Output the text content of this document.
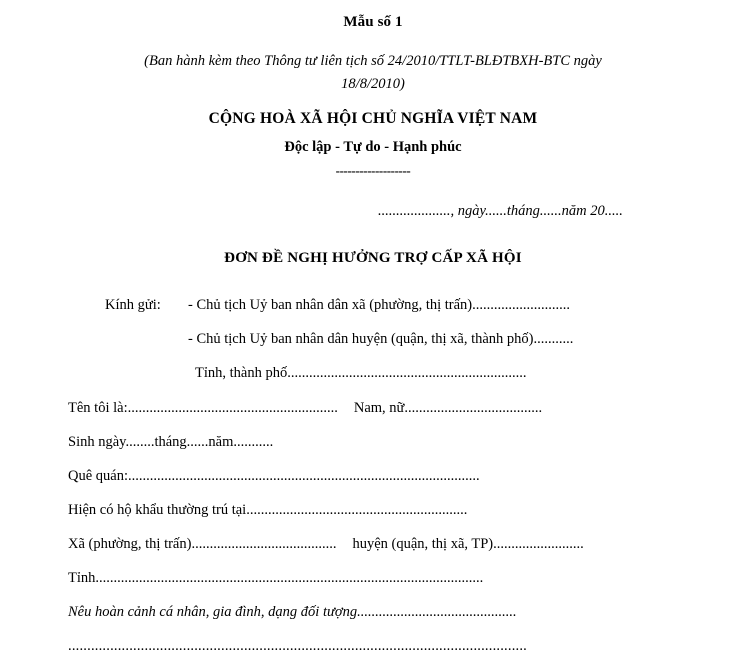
Mẫu số 1
(Ban hành kèm theo Thông tư liên tịch số 24/2010/TTLT-BLĐTBXH-BTC ngày
18/8/2010)
CỘNG HOÀ XÃ HỘI CHỦ NGHĨA VIỆT NAM
Độc lập - Tự do - Hạnh phúc
-------------------
...................., ngày......tháng......năm 20.....
ĐƠN ĐỀ NGHỊ HƯỞNG TRỢ CẤP XÃ HỘI
Kính gửi: - Chủ tịch Uỷ ban nhân dân xã (phường, thị trấn)...........................
- Chủ tịch Uỷ ban nhân dân huyện (quận, thị xã, thành phố)...........
Tỉnh, thành phố..................................................................
Tên tôi là:.......................................................... Nam, nữ......................................
Sinh ngày........tháng......năm...........
Quê quán:.................................................................................................
Hiện có hộ khẩu thường trú tại.............................................................
Xã (phường, thị trấn)........................................ huyện (quận, thị xã, TP).........................
Tỉnh...........................................................................................................
Nêu hoàn cảnh cá nhân, gia đình, dạng đối tượng............................................
........................................................................................................................
